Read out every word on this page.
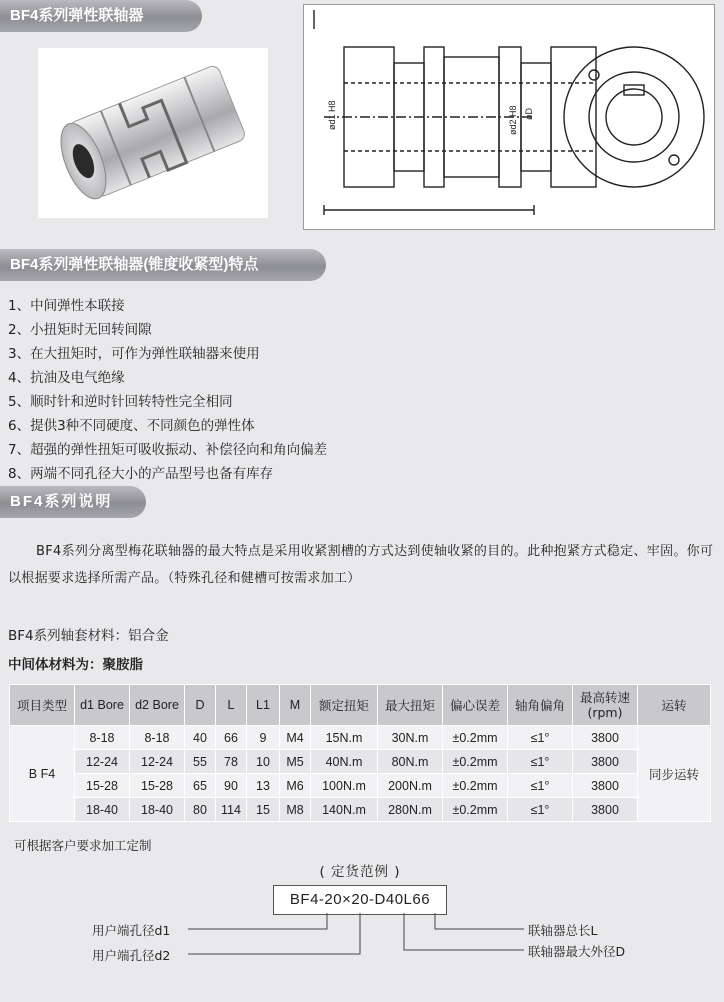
BF4系列弹性联轴器
ød1 H8	ød2 H8 øD
BF4系列弹性联轴器(锥度收紧型)特点
1、中间弹性本联接
2、小扭矩时无回转间隙
3、在大扭矩时，可作为弹性联轴器来使用
4、抗油及电气绝缘
5、顺时针和逆时针回转特性完全相同
6、提供3种不同硬度、不同颜色的弹性体
7、超强的弹性扭矩可吸收振动、补偿径向和角向偏差
8、两端不同孔径大小的产品型号也备有库存
BF4系列说明
BF4系列分离型梅花联轴器的最大特点是采用收紧割槽的方式达到使轴收紧的目的。此种抱紧方式稳定、牢固。你可以根据要求选择所需产品。（特殊孔径和健槽可按需求加工）
BF4系列轴套材料：铝合金
中间体材料为：聚胺脂
项目类型	d1 Bore	d2 Bore	D	L	L1	M	额定扭矩	最大扭矩	偏心误差	轴角偏角	最高转速 (rpm)	运转
B F4	8-18	8-18	40	66	9	M4	15N.m	30N.m	±0.2mm	≤1°	3800	同步运转
	12-24	12-24	55	78	10	M5	40N.m	80N.m	±0.2mm	≤1°	3800	
	15-28	15-28	65	90	13	M6	100N.m	200N.m	±0.2mm	≤1°	3800	
	18-40	18-40	80	114	15	M8	140N.m	280N.m	±0.2mm	≤1°	3800	
可根据客户要求加工定制
( 定货范例 )
BF4-20×20-D40L66
用户端孔径d1
用户端孔径d2
联轴器总长L
联轴器最大外径D
